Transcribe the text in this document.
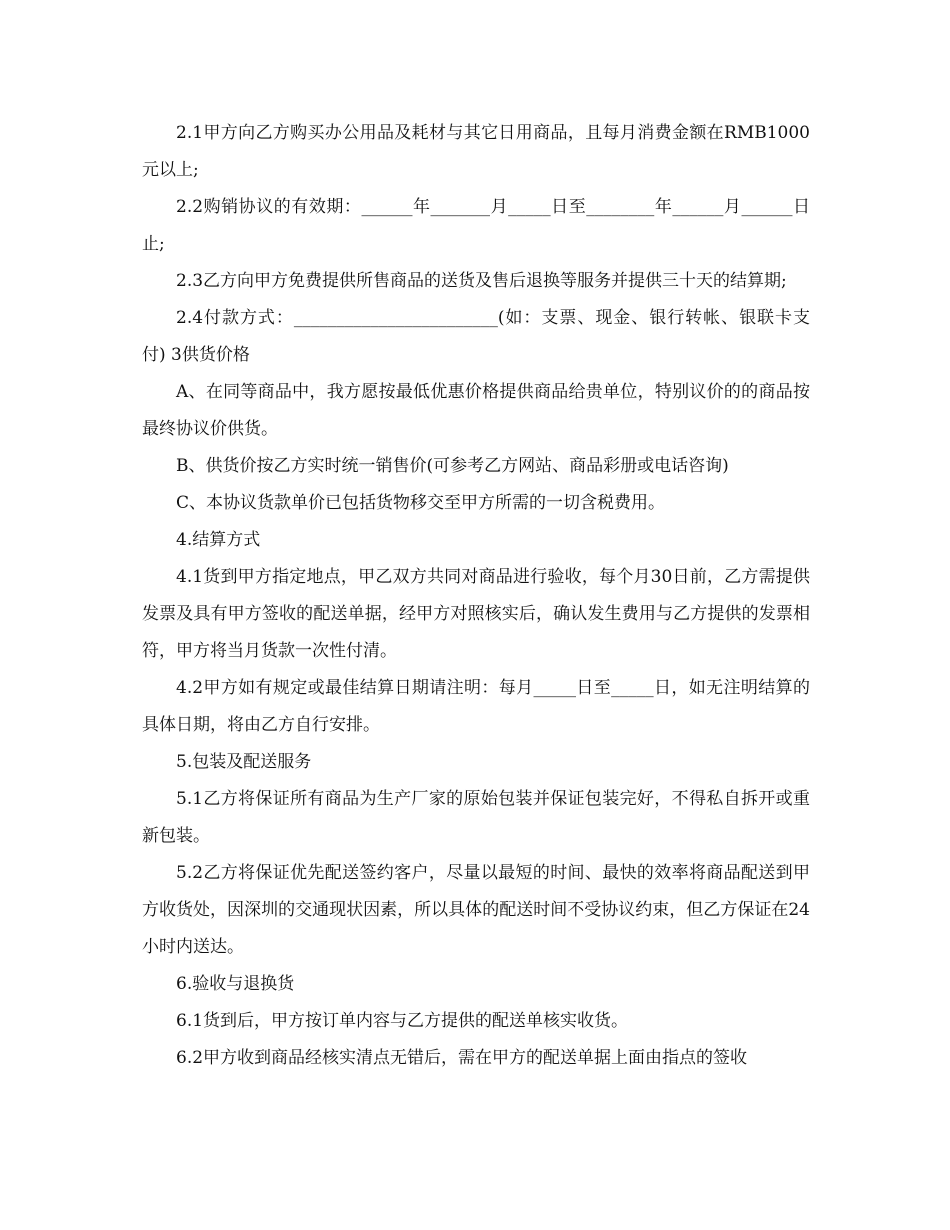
2.1甲方向乙方购买办公用品及耗材与其它日用商品，且每月消费金额在RMB1000元以上;

2.2购销协议的有效期：______年_______月_____日至________年______月______日止;

2.3乙方向甲方免费提供所售商品的送货及售后退换等服务并提供三十天的结算期;

2.4付款方式：________________________(如：支票、现金、银行转帐、银联卡支付) 3供货价格

A、在同等商品中，我方愿按最低优惠价格提供商品给贵单位，特别议价的的商品按最终协议价供货。

B、供货价按乙方实时统一销售价(可参考乙方网站、商品彩册或电话咨询)

C、本协议货款单价已包括货物移交至甲方所需的一切含税费用。

4.结算方式

4.1货到甲方指定地点，甲乙双方共同对商品进行验收，每个月30日前，乙方需提供发票及具有甲方签收的配送单据，经甲方对照核实后，确认发生费用与乙方提供的发票相符，甲方将当月货款一次性付清。

4.2甲方如有规定或最佳结算日期请注明：每月_____日至_____日，如无注明结算的具体日期，将由乙方自行安排。

5.包装及配送服务

5.1乙方将保证所有商品为生产厂家的原始包装并保证包装完好，不得私自拆开或重新包装。

5.2乙方将保证优先配送签约客户，尽量以最短的时间、最快的效率将商品配送到甲方收货处，因深圳的交通现状因素，所以具体的配送时间不受协议约束，但乙方保证在24小时内送达。

6.验收与退换货

6.1货到后，甲方按订单内容与乙方提供的配送单核实收货。

6.2甲方收到商品经核实清点无错后，需在甲方的配送单据上面由指点的签收
